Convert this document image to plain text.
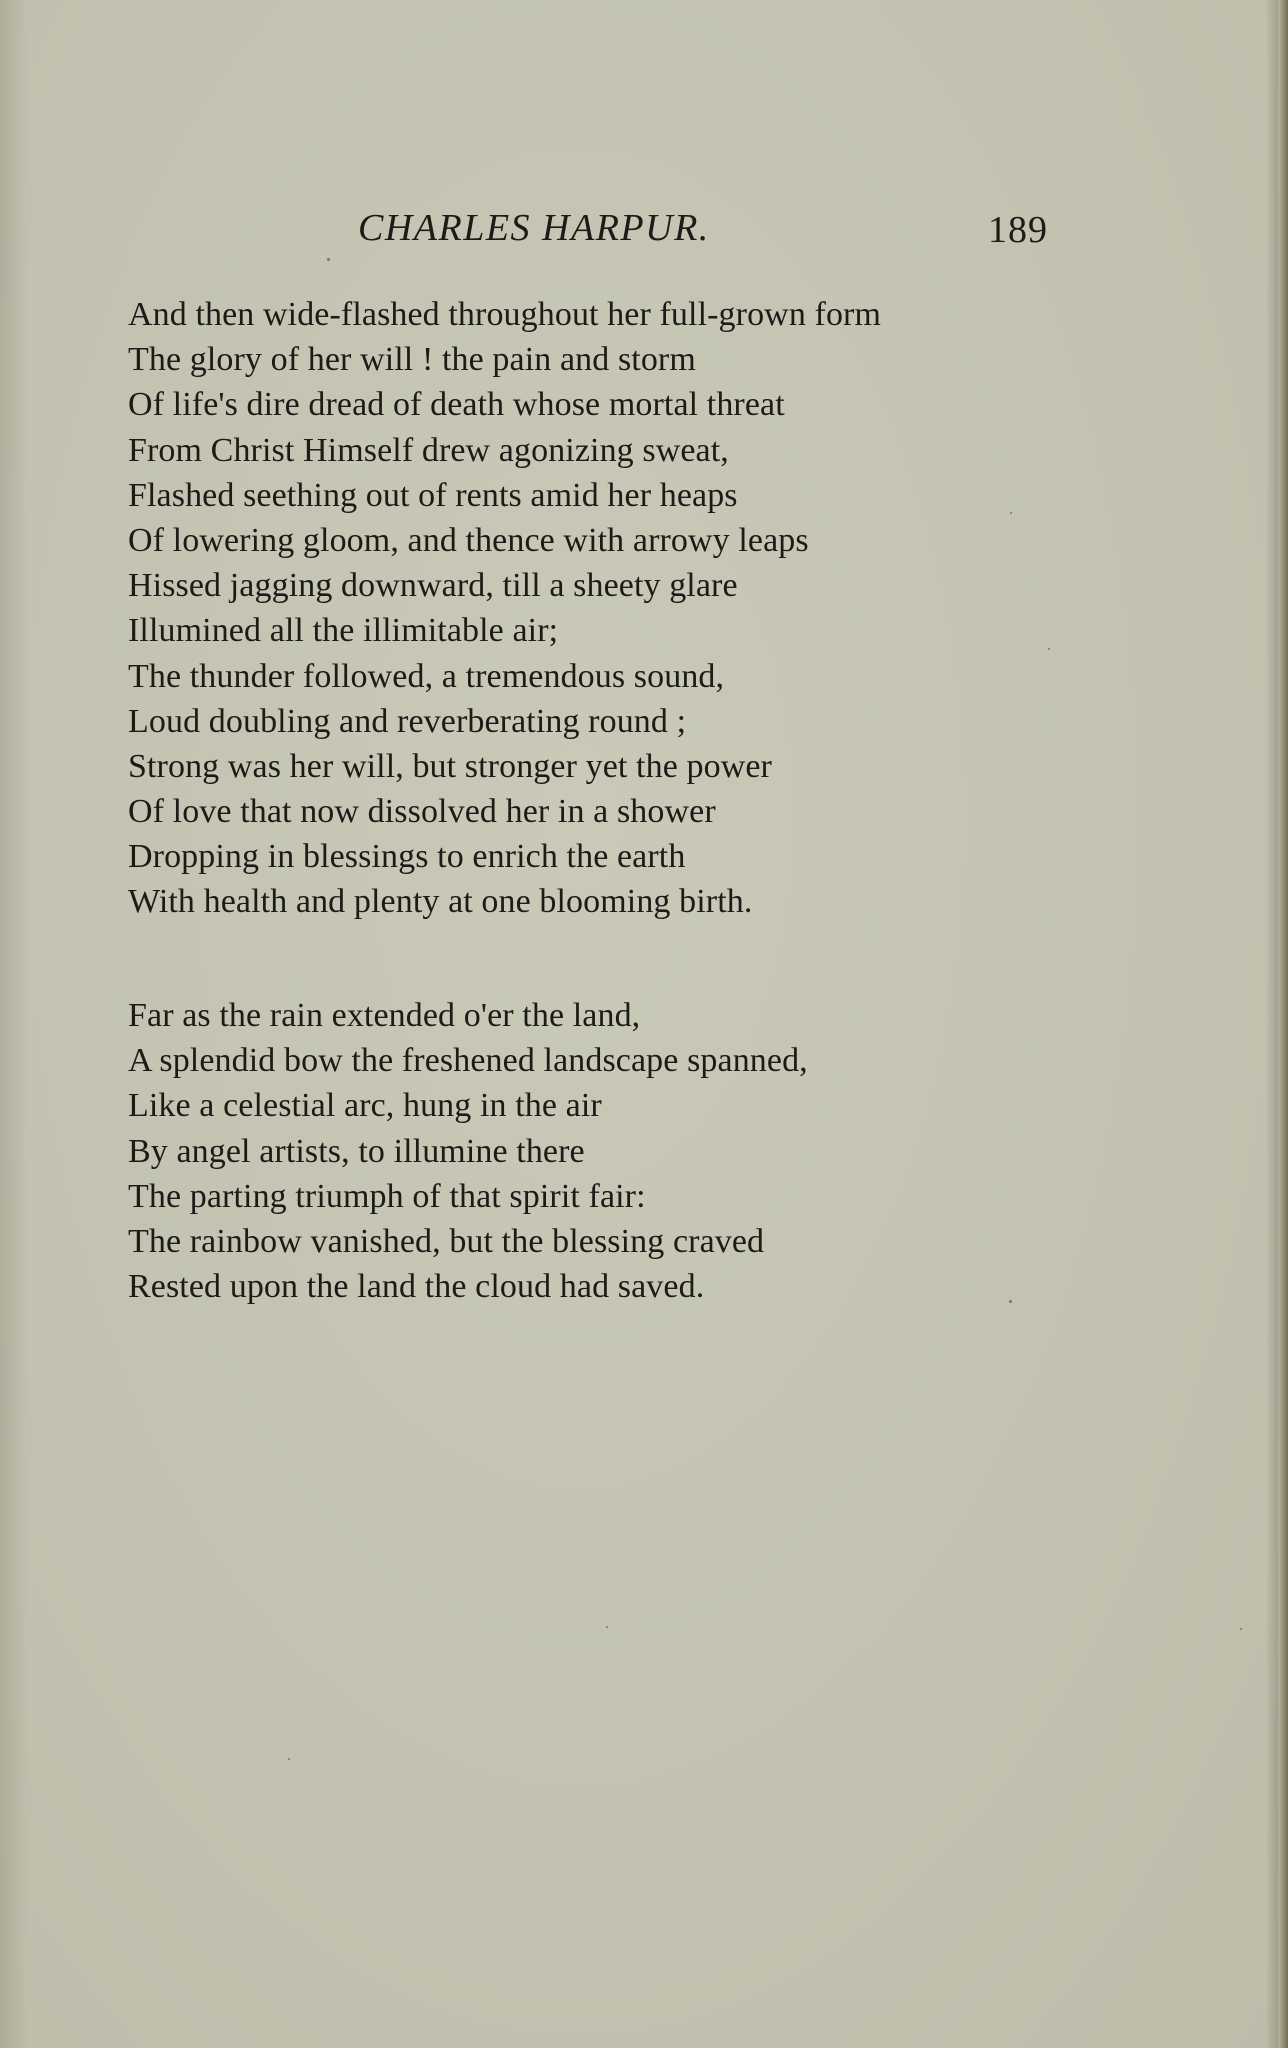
CHARLES HARPUR.	189
And then wide-flashed throughout her full-grown form
The glory of her will ! the pain and storm
Of life's dire dread of death whose mortal threat
From Christ Himself drew agonizing sweat,
Flashed seething out of rents amid her heaps
Of lowering gloom, and thence with arrowy leaps
Hissed jagging downward, till a sheety glare
Illumined all the illimitable air;
The thunder followed, a tremendous sound,
Loud doubling and reverberating round ;
Strong was her will, but stronger yet the power
Of love that now dissolved her in a shower
Dropping in blessings to enrich the earth
With health and plenty at one blooming birth.
Far as the rain extended o'er the land,
A splendid bow the freshened landscape spanned,
Like a celestial arc, hung in the air
By angel artists, to illumine there
The parting triumph of that spirit fair:
The rainbow vanished, but the blessing craved
Rested upon the land the cloud had saved.
